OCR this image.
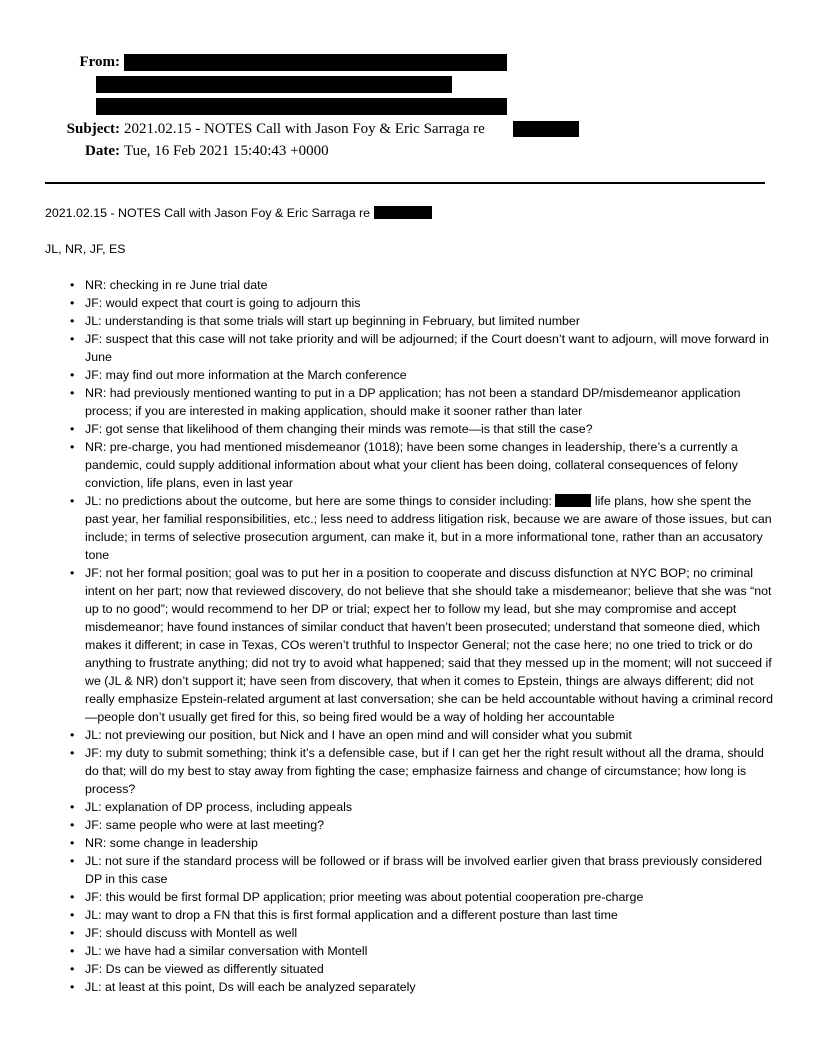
From:
Subject: 2021.02.15 - NOTES Call with Jason Foy & Eric Sarraga re
Date: Tue, 16 Feb 2021 15:40:43 +0000
2021.02.15 - NOTES Call with Jason Foy & Eric Sarraga re
JL, NR, JF, ES
• NR: checking in re June trial date
• JF: would expect that court is going to adjourn this
• JL: understanding is that some trials will start up beginning in February, but limited number
• JF: suspect that this case will not take priority and will be adjourned; if the Court doesn’t want to adjourn, will move forward in June
• JF: may find out more information at the March conference
• NR: had previously mentioned wanting to put in a DP application; has not been a standard DP/misdemeanor application process; if you are interested in making application, should make it sooner rather than later
• JF: got sense that likelihood of them changing their minds was remote—is that still the case?
• NR: pre-charge, you had mentioned misdemeanor (1018); have been some changes in leadership, there’s a currently a pandemic, could supply additional information about what your client has been doing, collateral consequences of felony conviction, life plans, even in last year
• JL: no predictions about the outcome, but here are some things to consider including:	life plans, how she spent the past year, her familial responsibilities, etc.; less need to address litigation risk, because we are aware of those issues, but can include; in terms of selective prosecution argument, can make it, but in a more informational tone, rather than an accusatory tone
• JF: not her formal position; goal was to put her in a position to cooperate and discuss disfunction at NYC BOP; no criminal intent on her part; now that reviewed discovery, do not believe that she should take a misdemeanor; believe that she was “not up to no good”; would recommend to her DP or trial; expect her to follow my lead, but she may compromise and accept misdemeanor; have found instances of similar conduct that haven’t been prosecuted; understand that someone died, which makes it different; in case in Texas, COs weren’t truthful to Inspector General; not the case here; no one tried to trick or do anything to frustrate anything; did not try to avoid what happened; said that they messed up in the moment; will not succeed if we (JL & NR) don’t support it; have seen from discovery, that when it comes to Epstein, things are always different; did not really emphasize Epstein-related argument at last conversation; she can be held accountable without having a criminal record—people don’t usually get fired for this, so being fired would be a way of holding her accountable
• JL: not previewing our position, but Nick and I have an open mind and will consider what you submit
• JF: my duty to submit something; think it’s a defensible case, but if I can get her the right result without all the drama, should do that; will do my best to stay away from fighting the case; emphasize fairness and change of circumstance; how long is process?
• JL: explanation of DP process, including appeals
• JF: same people who were at last meeting?
• NR: some change in leadership
• JL: not sure if the standard process will be followed or if brass will be involved earlier given that brass previously considered DP in this case
• JF: this would be first formal DP application; prior meeting was about potential cooperation pre-charge
• JL: may want to drop a FN that this is first formal application and a different posture than last time
• JF: should discuss with Montell as well
• JL: we have had a similar conversation with Montell
• JF: Ds can be viewed as differently situated
• JL: at least at this point, Ds will each be analyzed separately
